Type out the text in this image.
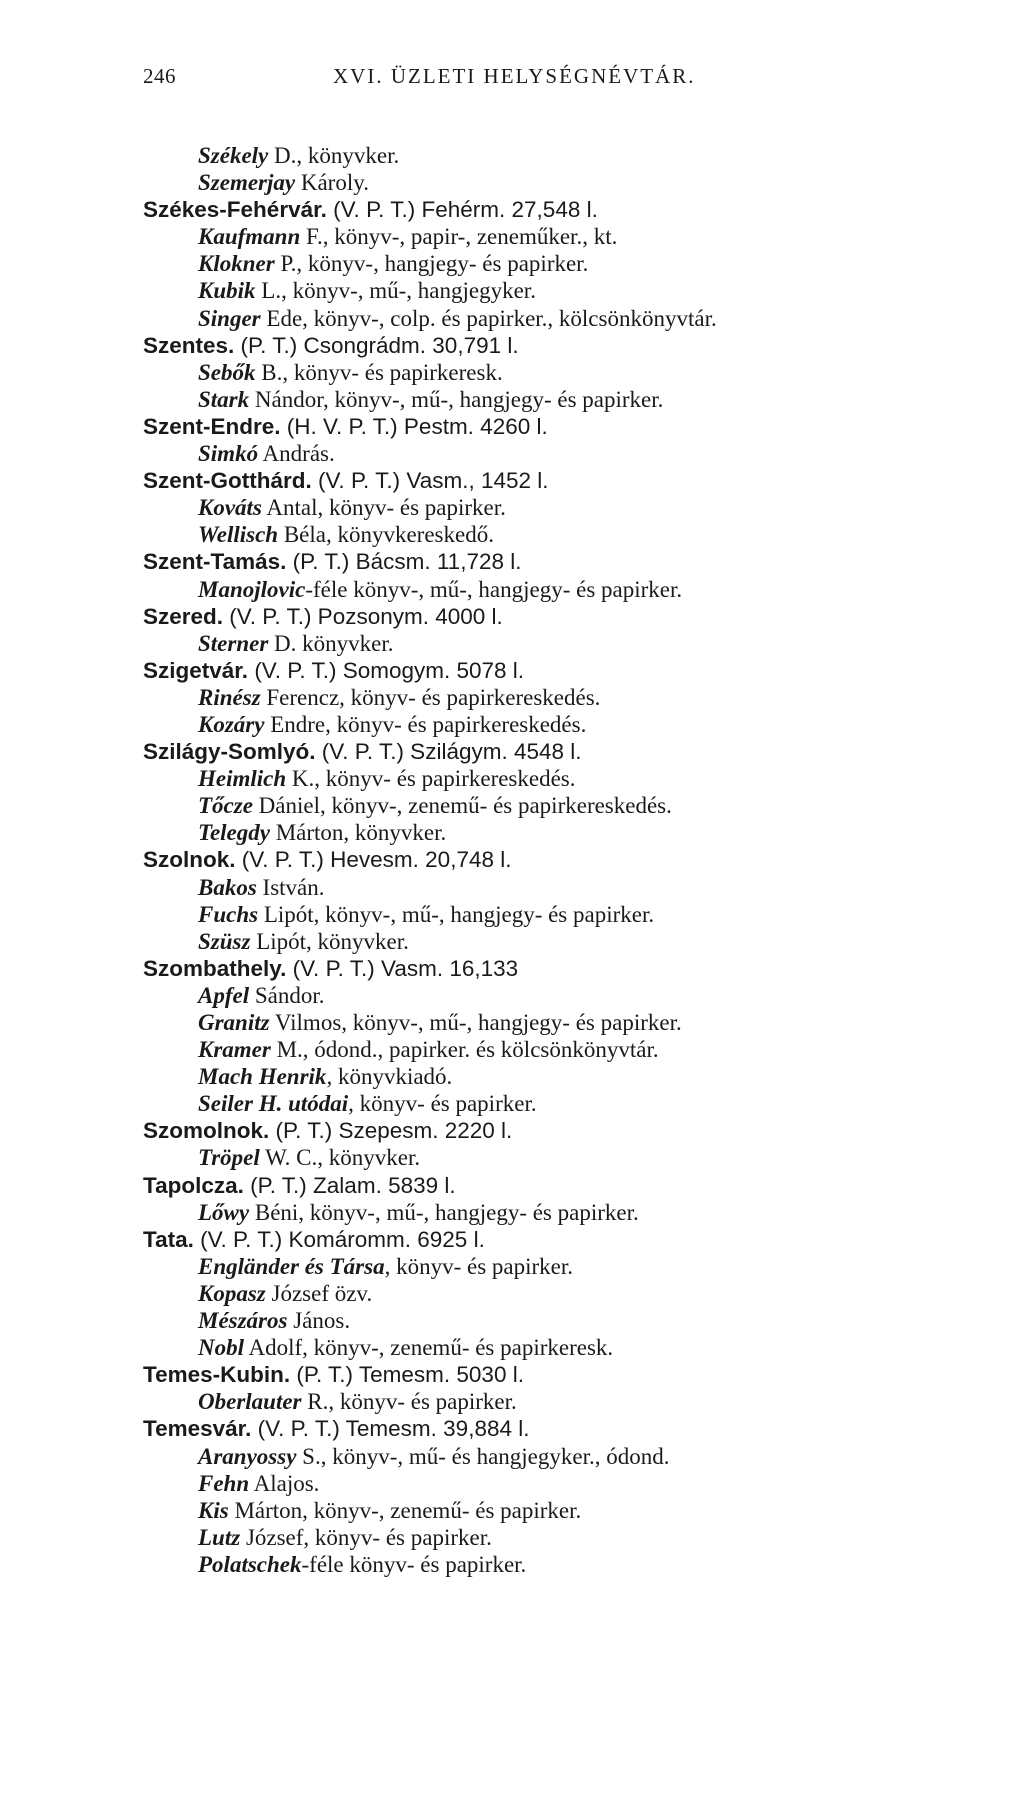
246	XVI. ÜZLETI HELYSÉGNÉVTÁR.
Székely D., könyvker.
Szemerjay Károly.
Székes-Fehérvár. (V. P. T.) Fehérm. 27,548 l.
Kaufmann F., könyv-, papir-, zeneműker., kt.
Klokner P., könyv-, hangjegy- és papirker.
Kubik L., könyv-, mű-, hangjegyker.
Singer Ede, könyv-, colp. és papirker., kölcsönkönyvtár.
Szentes. (P. T.) Csongrádm. 30,791 l.
Sebők B., könyv- és papirkeresk.
Stark Nándor, könyv-, mű-, hangjegy- és papirker.
Szent-Endre. (H. V. P. T.) Pestm. 4260 l.
Simkó András.
Szent-Gotthárd. (V. P. T.) Vasm., 1452 l.
Kováts Antal, könyv- és papirker.
Wellisch Béla, könyvkereskedő.
Szent-Tamás. (P. T.) Bácsm. 11,728 l.
Manojlovic-féle könyv-, mű-, hangjegy- és papirker.
Szered. (V. P. T.) Pozsonym. 4000 l.
Sterner D. könyvker.
Szigetvár. (V. P. T.) Somogym. 5078 l.
Rinész Ferencz, könyv- és papirkereskedés.
Kozáry Endre, könyv- és papirkereskedés.
Szilágy-Somlyó. (V. P. T.) Szilágym. 4548 l.
Heimlich K., könyv- és papirkereskedés.
Tőcze Dániel, könyv-, zenemű- és papirkereskedés.
Telegdy Márton, könyvker.
Szolnok. (V. P. T.) Hevesm. 20,748 l.
Bakos István.
Fuchs Lipót, könyv-, mű-, hangjegy- és papirker.
Szüsz Lipót, könyvker.
Szombathely. (V. P. T.) Vasm. 16,133
Apfel Sándor.
Granitz Vilmos, könyv-, mű-, hangjegy- és papirker.
Kramer M., ódond., papirker. és kölcsönkönyvtár.
Mach Henrik, könyvkiadó.
Seiler H. utódai, könyv- és papirker.
Szomolnok. (P. T.) Szepesm. 2220 l.
Tröpel W. C., könyvker.
Tapolcza. (P. T.) Zalam. 5839 l.
Lőwy Béni, könyv-, mű-, hangjegy- és papirker.
Tata. (V. P. T.) Komáromm. 6925 l.
Engländer és Társa, könyv- és papirker.
Kopasz József özv.
Mészáros János.
Nobl Adolf, könyv-, zenemű- és papirkeresk.
Temes-Kubin. (P. T.) Temesm. 5030 l.
Oberlauter R., könyv- és papirker.
Temesvár. (V. P. T.) Temesm. 39,884 l.
Aranyossy S., könyv-, mű- és hangjegyker., ódond.
Fehn Alajos.
Kis Márton, könyv-, zenemű- és papirker.
Lutz József, könyv- és papirker.
Polatschek-féle könyv- és papirker.
